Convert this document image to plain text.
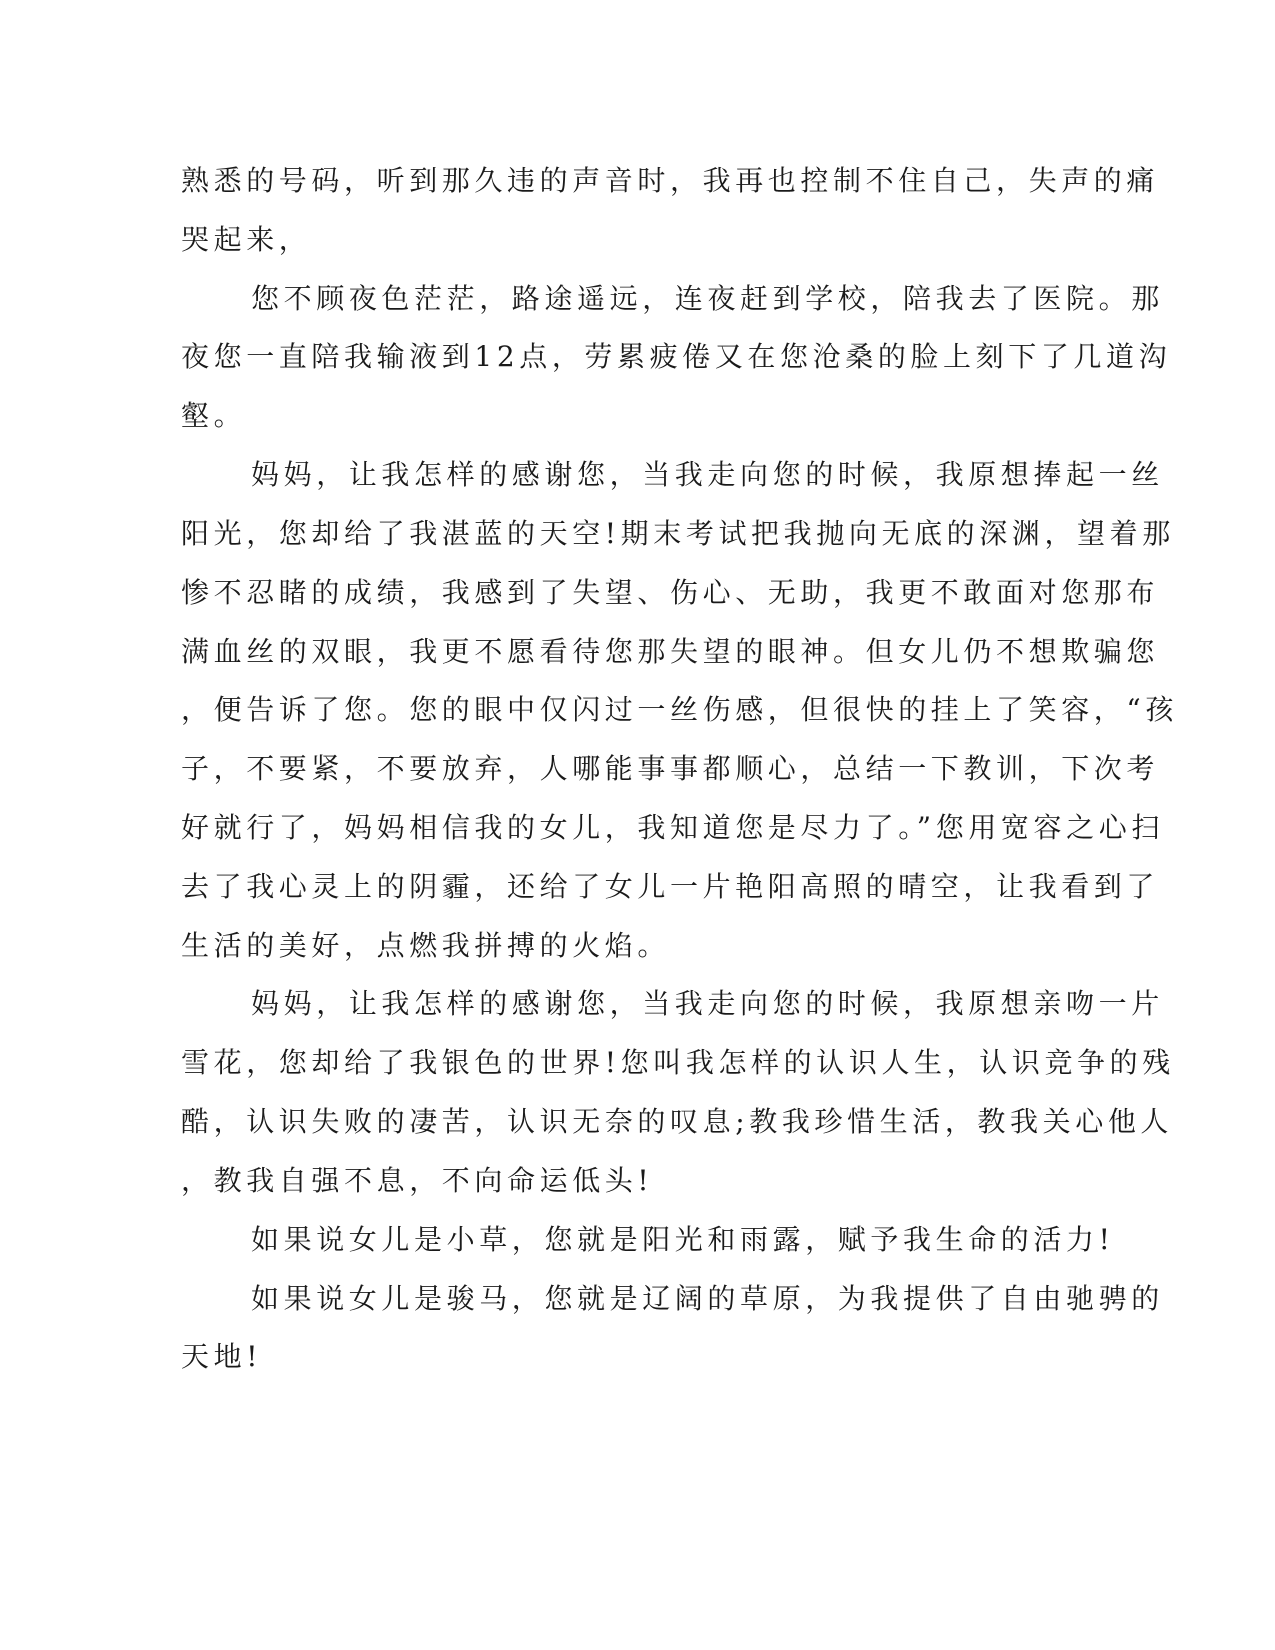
熟悉的号码，听到那久违的声音时，我再也控制不住自己，失声的痛
哭起来，
您不顾夜色茫茫，路途遥远，连夜赶到学校，陪我去了医院。那
夜您一直陪我输液到12点，劳累疲倦又在您沧桑的脸上刻下了几道沟
壑。
妈妈，让我怎样的感谢您，当我走向您的时候，我原想捧起一丝
阳光，您却给了我湛蓝的天空!期末考试把我抛向无底的深渊，望着那
惨不忍睹的成绩，我感到了失望、伤心、无助，我更不敢面对您那布
满血丝的双眼，我更不愿看待您那失望的眼神。但女儿仍不想欺骗您
，便告诉了您。您的眼中仅闪过一丝伤感，但很快的挂上了笑容，“孩
子，不要紧，不要放弃，人哪能事事都顺心，总结一下教训，下次考
好就行了，妈妈相信我的女儿，我知道您是尽力了。”您用宽容之心扫
去了我心灵上的阴霾，还给了女儿一片艳阳高照的晴空，让我看到了
生活的美好，点燃我拼搏的火焰。
妈妈，让我怎样的感谢您，当我走向您的时候，我原想亲吻一片
雪花，您却给了我银色的世界!您叫我怎样的认识人生，认识竞争的残
酷，认识失败的凄苦，认识无奈的叹息;教我珍惜生活，教我关心他人
，教我自强不息，不向命运低头!
如果说女儿是小草，您就是阳光和雨露，赋予我生命的活力!
如果说女儿是骏马，您就是辽阔的草原，为我提供了自由驰骋的
天地!
